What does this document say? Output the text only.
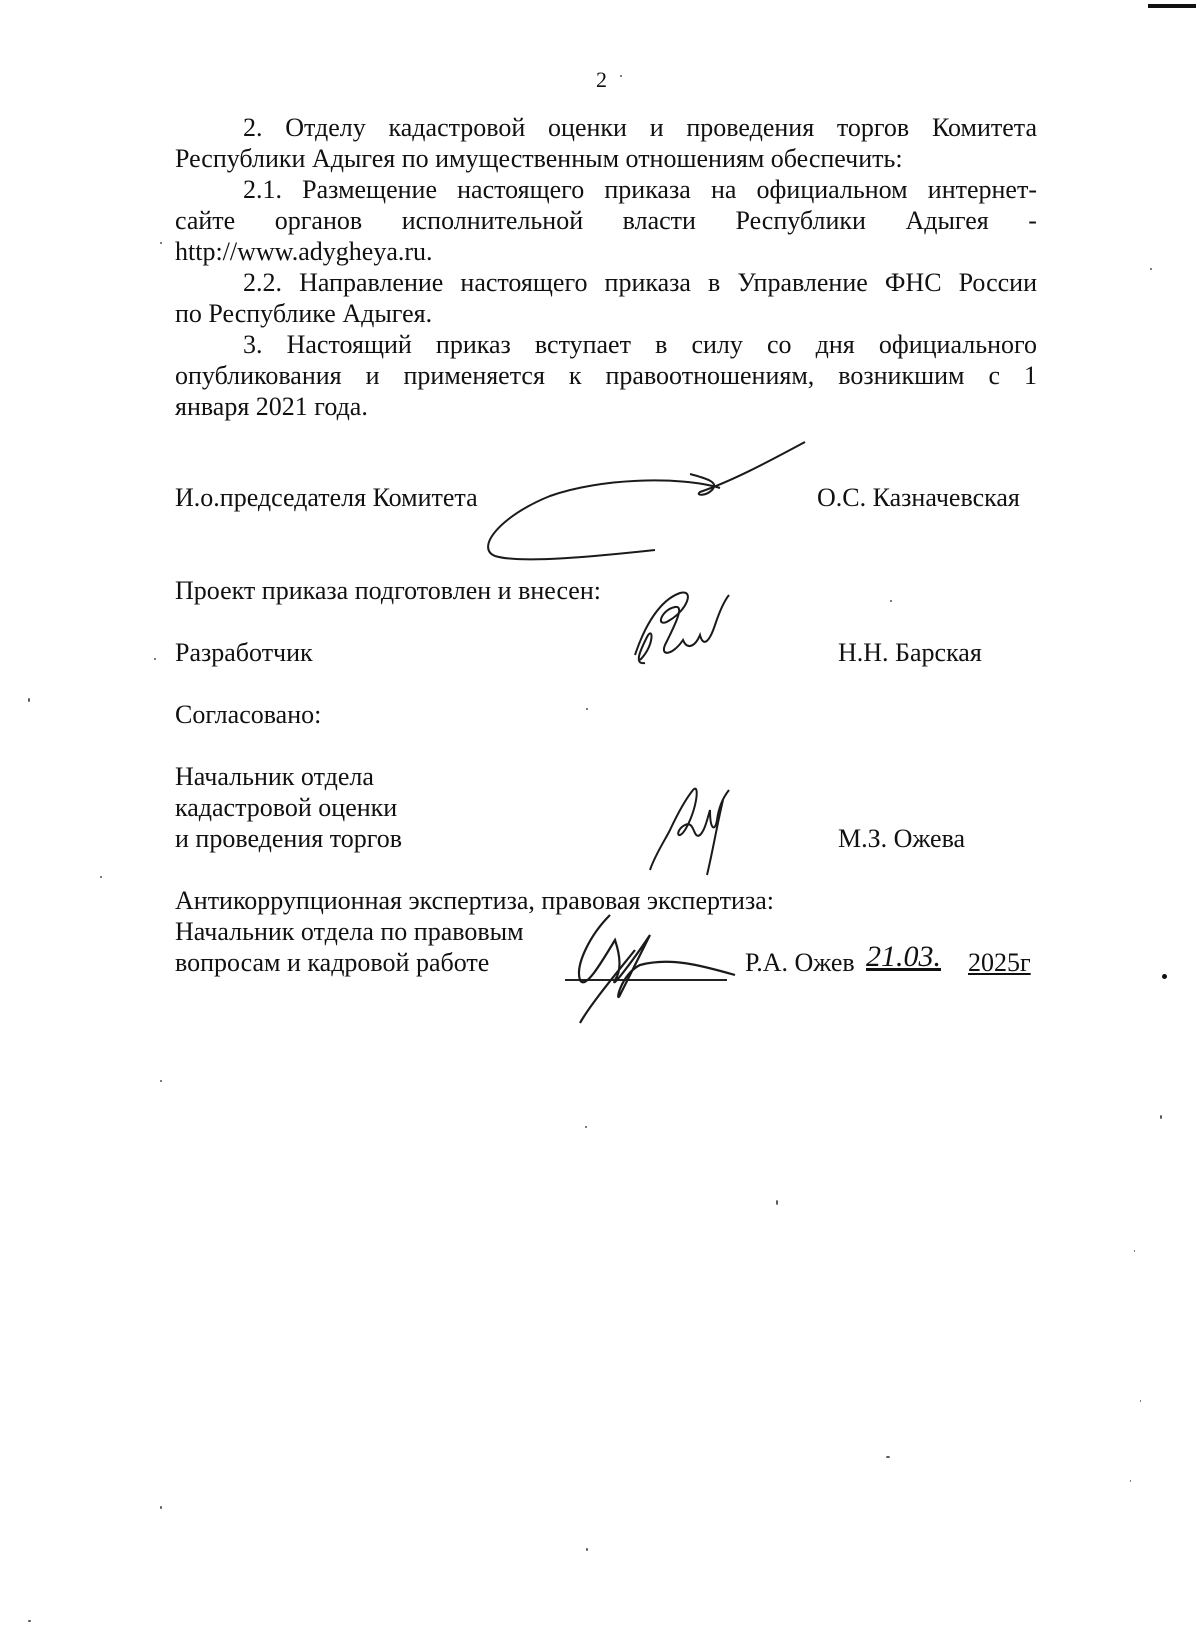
2
2. Отделу кадастровой оценки и проведения торгов Комитета
Республики Адыгея по имущественным отношениям обеспечить:
2.1. Размещение настоящего приказа на официальном интернет-
сайте органов исполнительной власти Республики Адыгея -
http://www.adygheya.ru.
2.2. Направление настоящего приказа в Управление ФНС России
по Республике Адыгея.
3. Настоящий приказ вступает в силу со дня официального
опубликования и применяется к правоотношениям, возникшим с 1
января 2021 года.
И.о.председателя Комитета	О.С. Казначевская
Проект приказа подготовлен и внесен:
Разработчик	Н.Н. Барская
Согласовано:
Начальник отдела
кадастровой оценки
и проведения торгов	М.З. Ожева
Антикоррупционная экспертиза, правовая экспертиза:
Начальник отдела по правовым
вопросам и кадровой работе	Р.А. Ожев 21.03. 2025г
